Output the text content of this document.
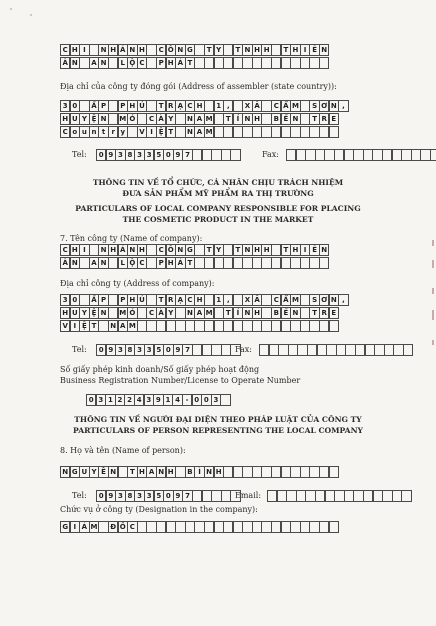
C H I	N H Á N H	C Ô N G	T Y	T N H H	T H I Ê N
Â N	A N	L Ộ C	P H Á T
Địa chỉ của công ty đóng gói (Address of assembler (state country)):
3 0	Ấ P	P H Ú	T R Ạ C H	1 ,	X Ã	C Ẩ M	S Ơ N ,
H U Y Ệ N	M Ỏ	C À Y	N A M	T Ỉ N H	B Ế N	T R E
C o u n t r y	V I Ệ T	N A M
Tel:	0 9 3 8 3 3 5 0 9 7	Fax:
THÔNG TIN VỀ TỔ CHỨC, CÁ NHÂN CHỊU TRÁCH NHIỆM
ĐƯA SẢN PHẨM MỸ PHẨM RA THỊ TRƯỜNG
PARTICULARS OF LOCAL COMPANY RESPONSIBLE FOR PLACING
THE COSMETIC PRODUCT IN THE MARKET
7. Tên công ty (Name of company):
C H I	N H Á N H	C Ô N G	T Y	T N H H	T H I Ê N
Â N	A N	L Ộ C	P H Á T
Địa chỉ công ty (Address of company):
3 0	Ấ P	P H Ú	T R Ạ C H	1 ,	X Ã	C Ẩ M	S Ơ N ,
H U Y Ệ N	M Ỏ	C À Y	N A M	T Ỉ N H	B Ế N	T R E
V I Ệ T	N A M
Tel:	0 9 3 8 3 3 5 0 9 7	Fax:
Số giấy phép kinh doanh/Số giấy phép hoạt động
Business Registration Number/License to Operate Number
0 3 1 2 2 4 3 9 1 4 - 0 0 3
THÔNG TIN VỀ NGƯỜI ĐẠI DIỆN THEO PHÁP LUẬT CỦA CÔNG TY
PARTICULARS OF PERSON REPRESENTING THE LOCAL COMPANY
8. Họ và tên (Name of person):
N G U Y Ễ N	T H A N H	B Ì N H
Tel:	0 9 3 8 3 3 5 0 9 7	Email:
Chức vụ ở công ty (Designation in the company):
G I Á M	Đ Ố C
